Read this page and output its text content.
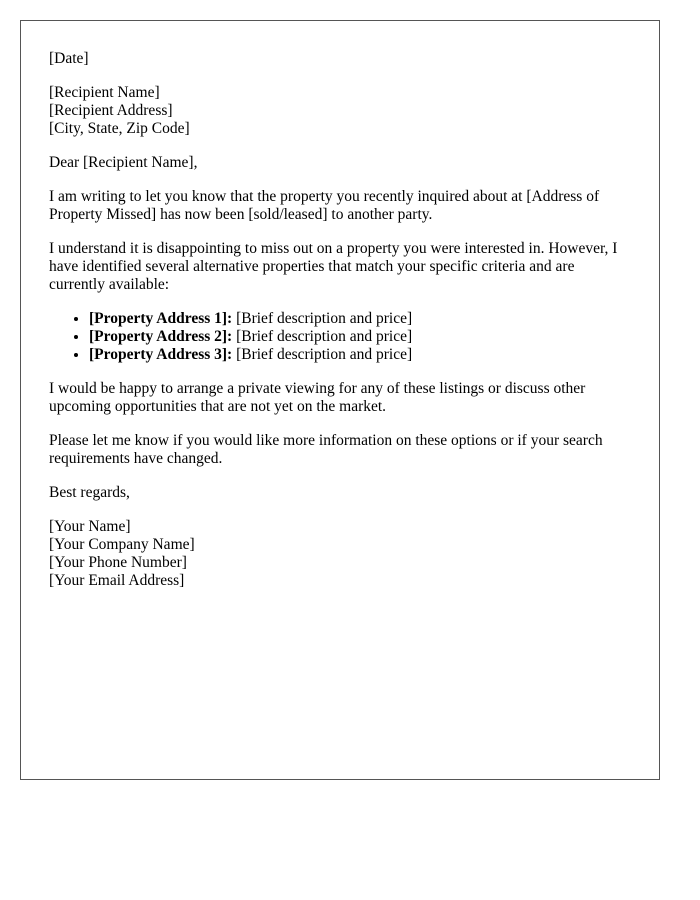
[Date]

[Recipient Name]
[Recipient Address]
[City, State, Zip Code]

Dear [Recipient Name],

I am writing to let you know that the property you recently inquired about at [Address of Property Missed] has now been [sold/leased] to another party.

I understand it is disappointing to miss out on a property you were interested in. However, I have identified several alternative properties that match your specific criteria and are currently available:

• [Property Address 1]: [Brief description and price]
• [Property Address 2]: [Brief description and price]
• [Property Address 3]: [Brief description and price]

I would be happy to arrange a private viewing for any of these listings or discuss other upcoming opportunities that are not yet on the market.

Please let me know if you would like more information on these options or if your search requirements have changed.

Best regards,

[Your Name]
[Your Company Name]
[Your Phone Number]
[Your Email Address]
